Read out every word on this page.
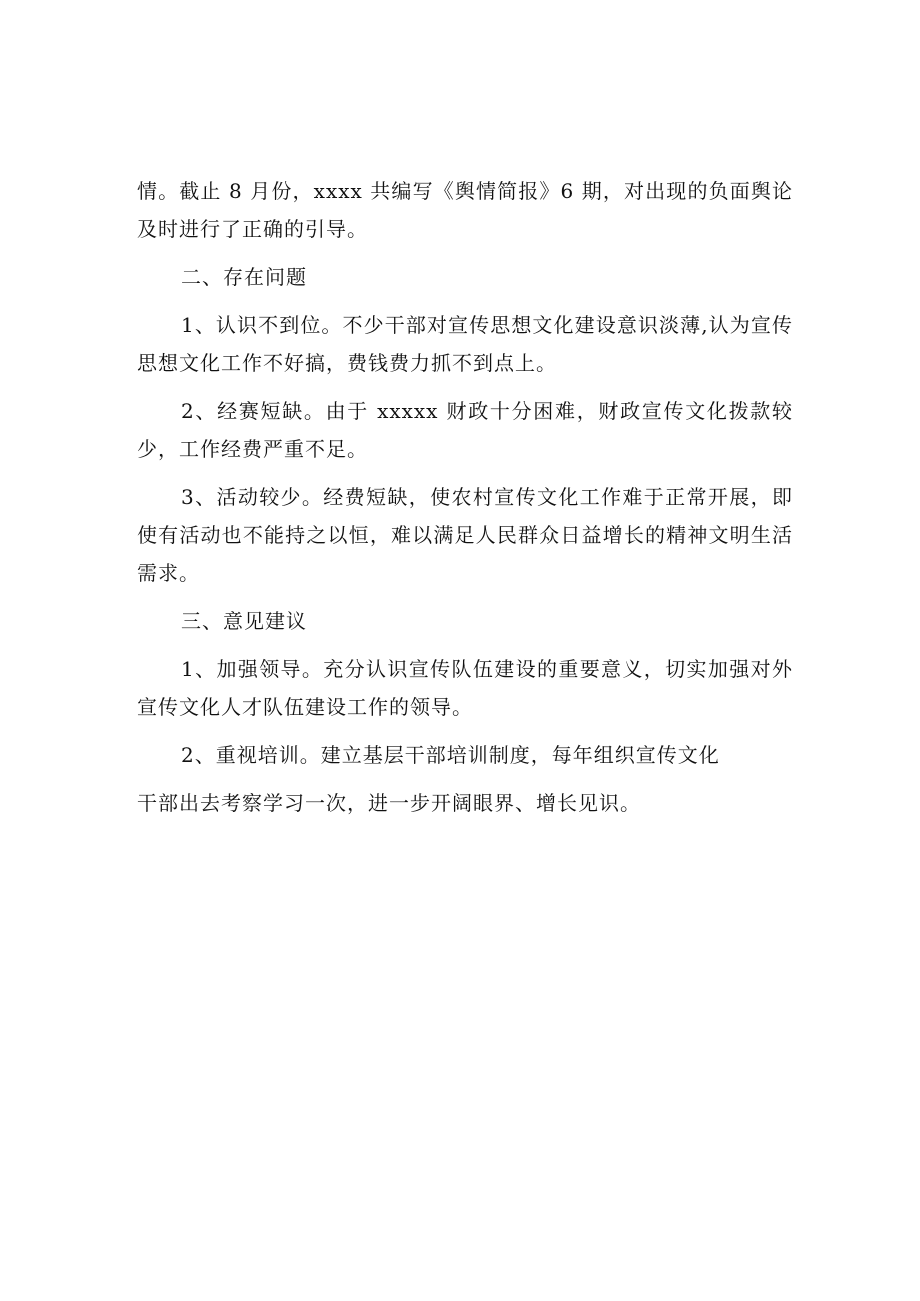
情。截止 8 月份，xxxx 共编写《舆情简报》6 期，对出现的负面舆论及时进行了正确的引导。

二、存在问题

1、认识不到位。不少干部对宣传思想文化建设意识淡薄,认为宣传思想文化工作不好搞，费钱费力抓不到点上。

2、经赛短缺。由于 xxxxx 财政十分困难，财政宣传文化拨款较少，工作经费严重不足。

3、活动较少。经费短缺，使农村宣传文化工作难于正常开展，即使有活动也不能持之以恒，难以满足人民群众日益增长的精神文明生活需求。

三、意见建议

1、加强领导。充分认识宣传队伍建设的重要意义，切实加强对外宣传文化人才队伍建设工作的领导。

2、重视培训。建立基层干部培训制度，每年组织宣传文化

干部出去考察学习一次，进一步开阔眼界、增长见识。
